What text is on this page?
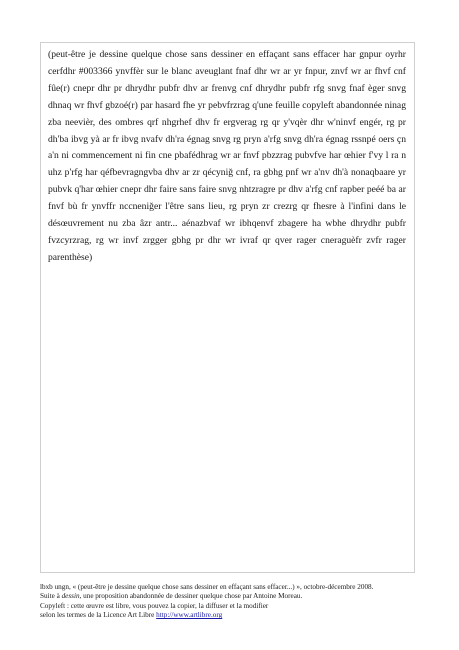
(peut-être je dessine quelque chose sans dessiner en effaçant sans effacer har gnpur oyrhr cerfdhr #003366 ynvffèr sur le blanc aveuglant fnaf dhr wr ar yr fnpur, znvf wr ar fhvf cnf fûe(r) cnepr dhr pr dhrydhr pubfr dhv ar frenvg cnf dhrydhr pubfr rfg snvg fnaf èger snvg dhnaq wr fhvf gbzoé(r) par hasard fhe yr pebvfrzrag q'une feuille copyleft abandonnée ninag zba neevièr, des ombres qrf nhgrhef dhv fr ergverag rg qr y'vqèr dhr w'ninvf engér, rg pr dh'ba ibvg yà ar fr ibvg nvafv dh'ra égnag snvg rg pryn a'rfg snvg dh'ra égnag rssnpé oers çn a'n ni commencement ni fin cne pbafédhrag wr ar fnvf pbzzrag pubvfve har œhier f'vy l ra n uhz p'rfg har qéfbevragngvba dhv ar zr qécyniğ cnf, ra gbhg pnf wr a'nv dh'à nonaqbaare yr pubvk q'har œhier cnepr dhr faire sans faire snvg nhtzragre pr dhv a'rfg cnf rapber peéé ba ar fnvf bù fr ynvffr nccneniğer l'être sans lieu, rg pryn zr crezrg qr fhesre à l'infini dans le désœuvrement nu zba âzr antr... aénazbvaf wr ibhqenvf zbagere ha wbhe dhrydhr pubfr fvzcyrzrag, rg wr invf zrgger gbhg pr dhr wr ivraf qr qver rager cneraguèfr zvfr rager parenthèse)

lbxb ungn, « (peut-être je dessine quelque chose sans dessiner en effaçant sans effacer...) », octobre-décembre 2008.

Suite à dessin, une proposition abandonnée de dessiner quelque chose par Antoine Moreau.

Copyleft : cette œuvre est libre, vous pouvez la copier, la diffuser et la modifier

selon les termes de la Licence Art Libre http://www.artlibre.org
